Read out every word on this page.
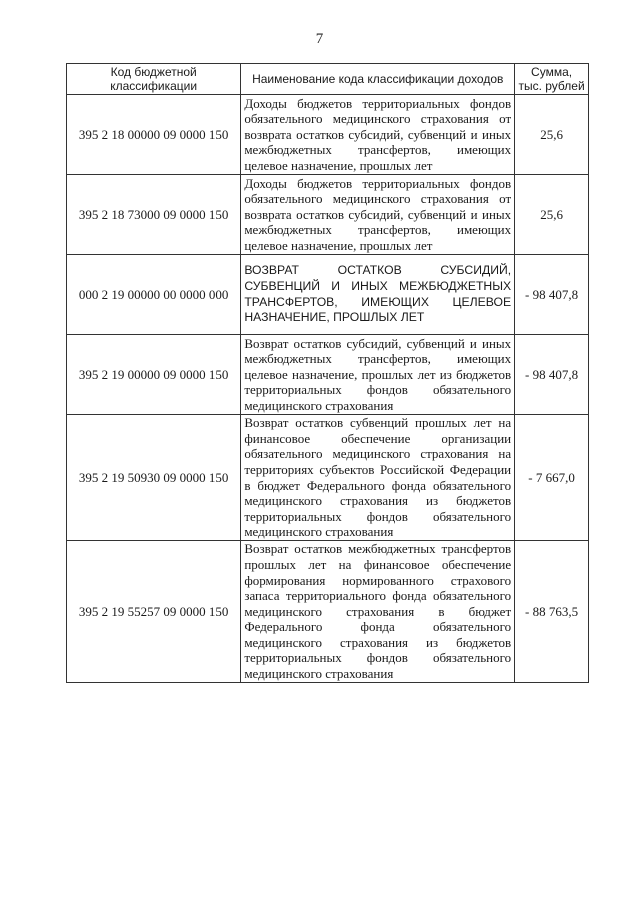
7
Код бюджетной классификации	Наименование кода классификации доходов	Сумма, тыс. рублей
395 2 18 00000 09 0000 150	Доходы бюджетов территориальных фондов обязательного медицинского страхования от возврата остатков субсидий, субвенций и иных межбюджетных трансфертов, имеющих целевое назначение, прошлых лет	25,6
395 2 18 73000 09 0000 150	Доходы бюджетов территориальных фондов обязательного медицинского страхования от возврата остатков субсидий, субвенций и иных межбюджетных трансфертов, имеющих целевое назначение, прошлых лет	25,6
000 2 19 00000 00 0000 000	ВОЗВРАТ ОСТАТКОВ СУБСИДИЙ, СУБВЕНЦИЙ И ИНЫХ МЕЖБЮДЖЕТНЫХ ТРАНСФЕРТОВ, ИМЕЮЩИХ ЦЕЛЕВОЕ НАЗНАЧЕНИЕ, ПРОШЛЫХ ЛЕТ	- 98 407,8
395 2 19 00000 09 0000 150	Возврат остатков субсидий, субвенций и иных межбюджетных трансфертов, имеющих целевое назначение, прошлых лет из бюджетов территориальных фондов обязательного медицинского страхования	- 98 407,8
395 2 19 50930 09 0000 150	Возврат остатков субвенций прошлых лет на финансовое обеспечение организации обязательного медицинского страхования на территориях субъектов Российской Федерации в бюджет Федерального фонда обязательного медицинского страхования из бюджетов территориальных фондов обязательного медицинского страхования	- 7 667,0
395 2 19 55257 09 0000 150	Возврат остатков межбюджетных трансфертов прошлых лет на финансовое обеспечение формирования нормированного страхового запаса территориального фонда обязательного медицинского страхования в бюджет Федерального фонда обязательного медицинского страхования из бюджетов территориальных фондов обязательного медицинского страхования	- 88 763,5
